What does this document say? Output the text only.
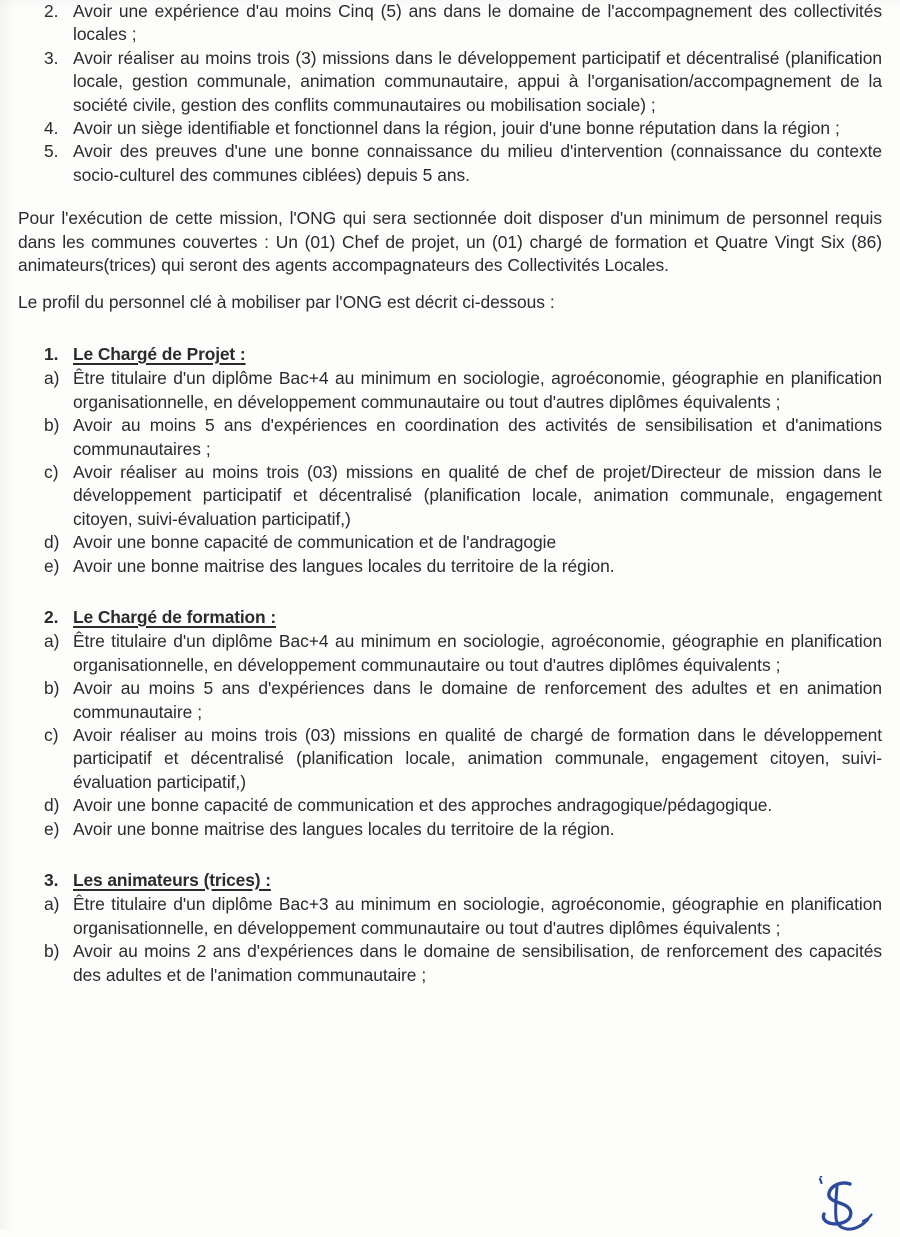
2. Avoir une expérience d'au moins Cinq (5) ans dans le domaine de l'accompagnement des collectivités locales ;
3. Avoir réaliser au moins trois (3) missions dans le développement participatif et décentralisé (planification locale, gestion communale, animation communautaire, appui à l'organisation/accompagnement de la société civile, gestion des conflits communautaires ou mobilisation sociale) ;
4. Avoir un siège identifiable et fonctionnel dans la région, jouir d'une bonne réputation dans la région ;
5. Avoir des preuves d'une une bonne connaissance du milieu d'intervention (connaissance du contexte socio-culturel des communes ciblées) depuis 5 ans.

Pour l'exécution de cette mission, l'ONG qui sera sectionnée doit disposer d'un minimum de personnel requis dans les communes couvertes : Un (01) Chef de projet, un (01) chargé de formation et Quatre Vingt Six (86) animateurs(trices) qui seront des agents accompagnateurs des Collectivités Locales.

Le profil du personnel clé à mobiliser par l'ONG est décrit ci-dessous :

1. Le Chargé de Projet :
a) Être titulaire d'un diplôme Bac+4 au minimum en sociologie, agroéconomie, géographie en planification organisationnelle, en développement communautaire ou tout d'autres diplômes équivalents ;
b) Avoir au moins 5 ans d'expériences en coordination des activités de sensibilisation et d'animations communautaires ;
c) Avoir réaliser au moins trois (03) missions en qualité de chef de projet/Directeur de mission dans le développement participatif et décentralisé (planification locale, animation communale, engagement citoyen, suivi-évaluation participatif,)
d) Avoir une bonne capacité de communication et de l'andragogie
e) Avoir une bonne maitrise des langues locales du territoire de la région.
2. Le Chargé de formation :
a) Être titulaire d'un diplôme Bac+4 au minimum en sociologie, agroéconomie, géographie en planification organisationnelle, en développement communautaire ou tout d'autres diplômes équivalents ;
b) Avoir au moins 5 ans d'expériences dans le domaine de renforcement des adultes et en animation communautaire ;
c) Avoir réaliser au moins trois (03) missions en qualité de chargé de formation dans le développement participatif et décentralisé (planification locale, animation communale, engagement citoyen, suivi-évaluation participatif,)
d) Avoir une bonne capacité de communication et des approches andragogique/pédagogique.
e) Avoir une bonne maitrise des langues locales du territoire de la région.
3. Les animateurs (trices) :
a) Être titulaire d'un diplôme Bac+3 au minimum en sociologie, agroéconomie, géographie en planification organisationnelle, en développement communautaire ou tout d'autres diplômes équivalents ;
b) Avoir au moins 2 ans d'expériences dans le domaine de sensibilisation, de renforcement des capacités des adultes et de l'animation communautaire ;
